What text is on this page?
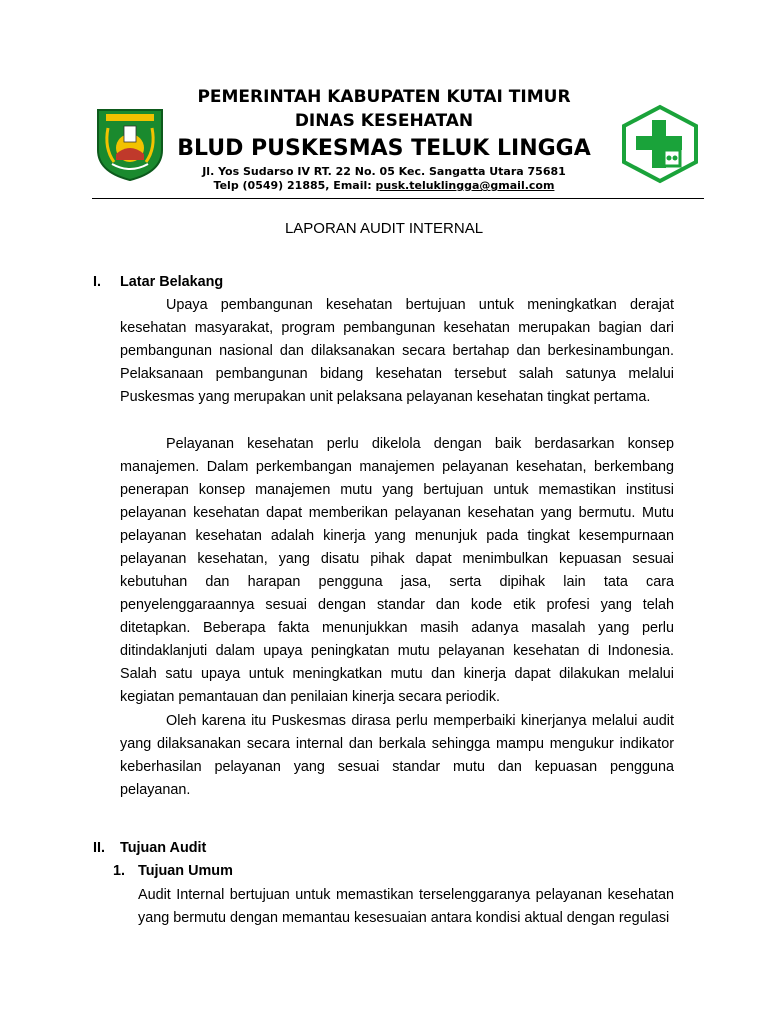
PEMERINTAH KABUPATEN KUTAI TIMUR
DINAS KESEHATAN
BLUD PUSKESMAS TELUK LINGGA
Jl. Yos Sudarso IV RT. 22 No. 05 Kec. Sangatta Utara 75681
Telp (0549) 21885, Email: pusk.teluklingga@gmail.com
LAPORAN AUDIT INTERNAL
I. Latar Belakang

Upaya pembangunan kesehatan bertujuan untuk meningkatkan derajat kesehatan masyarakat, program pembangunan kesehatan merupakan bagian dari pembangunan nasional dan dilaksanakan secara bertahap dan berkesinambungan. Pelaksanaan pembangunan bidang kesehatan tersebut salah satunya melalui Puskesmas yang merupakan unit pelaksana pelayanan kesehatan tingkat pertama.

Pelayanan kesehatan perlu dikelola dengan baik berdasarkan konsep manajemen. Dalam perkembangan manajemen pelayanan kesehatan, berkembang penerapan konsep manajemen mutu yang bertujuan untuk memastikan institusi pelayanan kesehatan dapat memberikan pelayanan kesehatan yang bermutu. Mutu pelayanan kesehatan adalah kinerja yang menunjuk pada tingkat kesempurnaan pelayanan kesehatan, yang disatu pihak dapat menimbulkan kepuasan sesuai kebutuhan dan harapan pengguna jasa, serta dipihak lain tata cara penyelenggaraannya sesuai dengan standar dan kode etik profesi yang telah ditetapkan. Beberapa fakta menunjukkan masih adanya masalah yang perlu ditindaklanjuti dalam upaya peningkatan mutu pelayanan kesehatan di Indonesia. Salah satu upaya untuk meningkatkan mutu dan kinerja dapat dilakukan melalui kegiatan pemantauan dan penilaian kinerja secara periodik.

Oleh karena itu Puskesmas dirasa perlu memperbaiki kinerjanya melalui audit yang dilaksanakan secara internal dan berkala sehingga mampu mengukur indikator keberhasilan pelayanan yang sesuai standar mutu dan kepuasan pengguna pelayanan.

II. Tujuan Audit
1. Tujuan Umum

Audit Internal bertujuan untuk memastikan terselenggaranya pelayanan kesehatan yang bermutu dengan memantau kesesuaian antara kondisi aktual dengan regulasi
